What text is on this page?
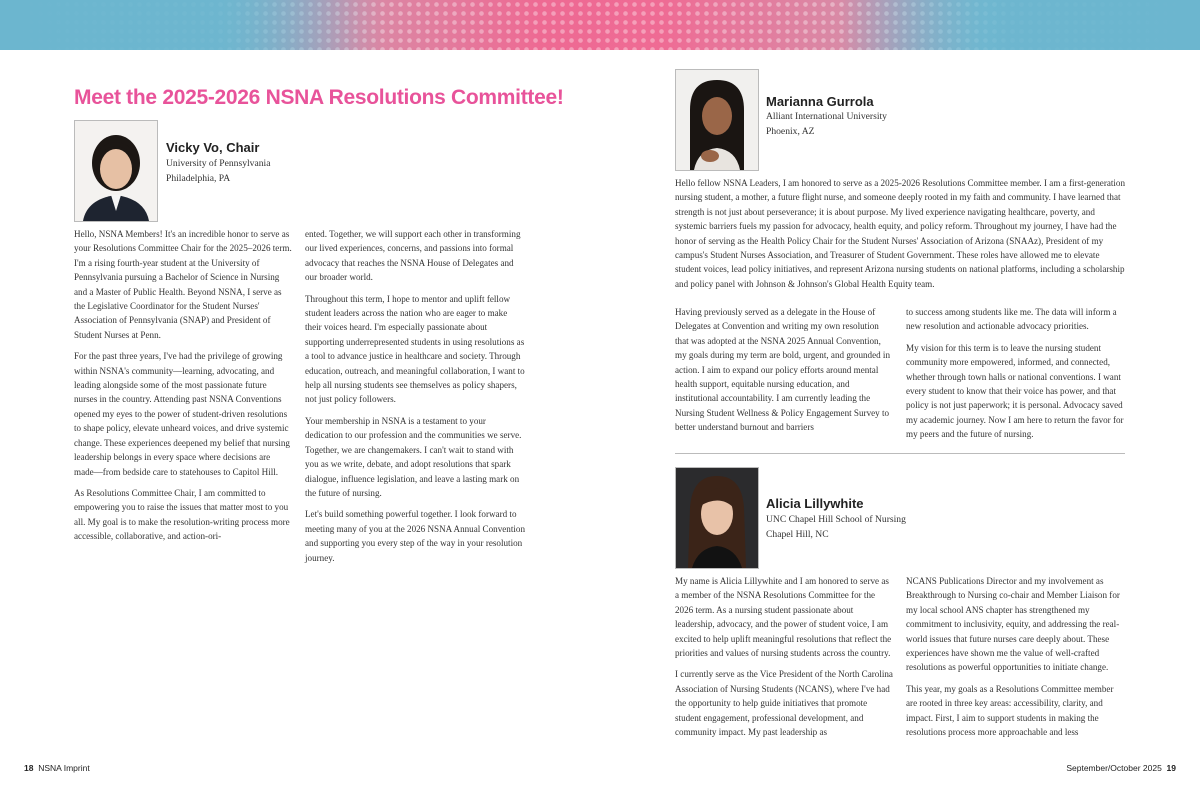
Meet the 2025-2026 NSNA Resolutions Committee!
Vicky Vo, Chair
University of Pennsylvania
Philadelphia, PA

Hello, NSNA Members! It's an incredible honor to serve as your Resolutions Committee Chair for the 2025–2026 term. I'm a rising fourth-year student at the University of Pennsylvania pursuing a Bachelor of Science in Nursing and a Master of Public Health. Beyond NSNA, I serve as the Legislative Coordinator for the Student Nurses' Association of Pennsylvania (SNAP) and President of Student Nurses at Penn.

For the past three years, I've had the privilege of growing within NSNA's community—learning, advocating, and leading alongside some of the most passionate future nurses in the country. Attending past NSNA Conventions opened my eyes to the power of student-driven resolutions to shape policy, elevate unheard voices, and drive systemic change. These experiences deepened my belief that nursing leadership belongs in every space where decisions are made—from bedside care to statehouses to Capitol Hill.

As Resolutions Committee Chair, I am committed to empowering you to raise the issues that matter most to you all. My goal is to make the resolution-writing process more accessible, collaborative, and action-ori-

ented. Together, we will support each other in transforming our lived experiences, concerns, and passions into formal advocacy that reaches the NSNA House of Delegates and our broader world.

Throughout this term, I hope to mentor and uplift fellow student leaders across the nation who are eager to make their voices heard. I'm especially passionate about supporting underrepresented students in using resolutions as a tool to advance justice in healthcare and society. Through education, outreach, and meaningful collaboration, I want to help all nursing students see themselves as policy shapers, not just policy followers.

Your membership in NSNA is a testament to your dedication to our profession and the communities we serve. Together, we are changemakers. I can't wait to stand with you as we write, debate, and adopt resolutions that spark dialogue, influence legislation, and leave a lasting mark on the future of nursing.

Let's build something powerful together. I look forward to meeting many of you at the 2026 NSNA Annual Convention and supporting you every step of the way in your resolution journey.

Marianna Gurrola
Alliant International University
Phoenix, AZ

Hello fellow NSNA Leaders, I am honored to serve as a 2025-2026 Resolutions Committee member. I am a first-generation nursing student, a mother, a future flight nurse, and someone deeply rooted in my faith and community. I have learned that strength is not just about perseverance; it is about purpose. My lived experience navigating healthcare, poverty, and systemic barriers fuels my passion for advocacy, health equity, and policy reform. Throughout my journey, I have had the honor of serving as the Health Policy Chair for the Student Nurses' Association of Arizona (SNAAz), President of my campus's Student Nurses Association, and Treasurer of Student Government. These roles have allowed me to elevate student voices, lead policy initiatives, and represent Arizona nursing students on national platforms, including a scholarship and policy panel with Johnson & Johnson's Global Health Equity team.

Having previously served as a delegate in the House of Delegates at Convention and writing my own resolution that was adopted at the NSNA 2025 Annual Convention, my goals during my term are bold, urgent, and grounded in action. I aim to expand our policy efforts around mental health support, equitable nursing education, and institutional accountability. I am currently leading the Nursing Student Wellness & Policy Engagement Survey to better understand burnout and barriers

to success among students like me. The data will inform a new resolution and actionable advocacy priorities.

My vision for this term is to leave the nursing student community more empowered, informed, and connected, whether through town halls or national conventions. I want every student to know that their voice has power, and that policy is not just paperwork; it is personal. Advocacy saved my academic journey. Now I am here to return the favor for my peers and the future of nursing.

Alicia Lillywhite
UNC Chapel Hill School of Nursing
Chapel Hill, NC

My name is Alicia Lillywhite and I am honored to serve as a member of the NSNA Resolutions Committee for the 2026 term. As a nursing student passionate about leadership, advocacy, and the power of student voice, I am excited to help uplift meaningful resolutions that reflect the priorities and values of nursing students across the country.

I currently serve as the Vice President of the North Carolina Association of Nursing Students (NCANS), where I've had the opportunity to help guide initiatives that promote student engagement, professional development, and community impact. My past leadership as

NCANS Publications Director and my involvement as Breakthrough to Nursing co-chair and Member Liaison for my local school ANS chapter has strengthened my commitment to inclusivity, equity, and addressing the real-world issues that future nurses care deeply about. These experiences have shown me the value of well-crafted resolutions as powerful opportunities to initiate change.

This year, my goals as a Resolutions Committee member are rooted in three key areas: accessibility, clarity, and impact. First, I aim to support students in making the resolutions process more approachable and less

18 NSNA Imprint	September/October 2025 19
